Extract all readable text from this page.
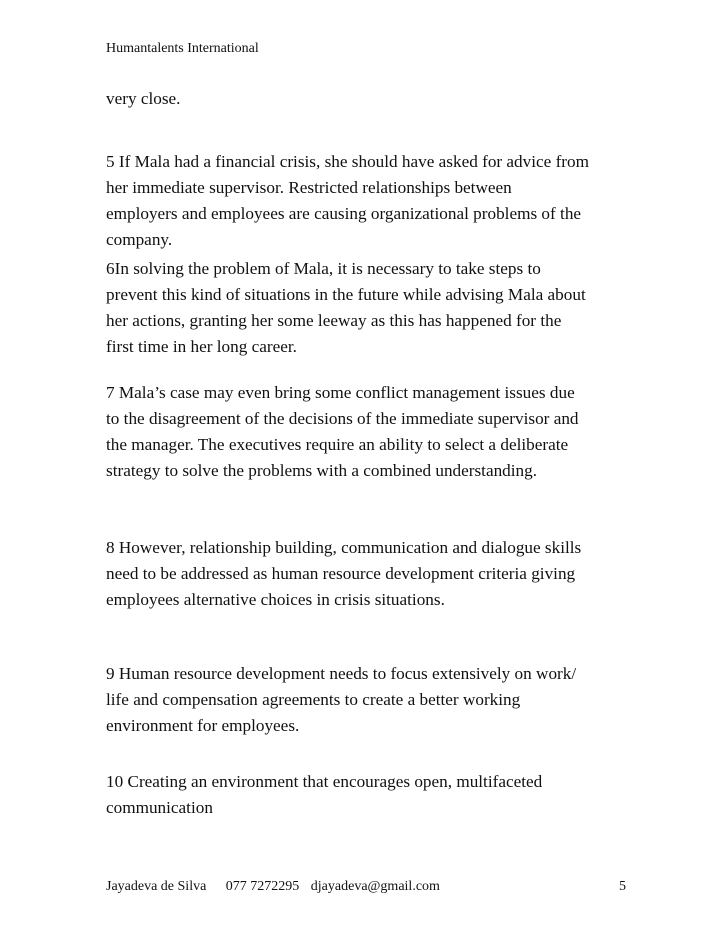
Humantalents International

very close.

5 If Mala had a financial crisis, she should have asked for advice from
her immediate supervisor. Restricted relationships between
employers and employees are causing organizational problems of the
company.

6In solving the problem of Mala, it is necessary to take steps to
prevent this kind of situations in the future while advising Mala about
her actions, granting her some leeway as this has happened for the
first time in her long career.

7 Mala’s case may even bring some conflict management issues due
to the disagreement of the decisions of the immediate supervisor and
the manager. The executives require an ability to select a deliberate
strategy to solve the problems with a combined understanding.

8 However, relationship building, communication and dialogue skills
need to be addressed as human resource development criteria giving
employees alternative choices in crisis situations.

9 Human resource development needs to focus extensively on work/
life and compensation agreements to create a better working
environment for employees.

10 Creating an environment that encourages open, multifaceted
communication

Jayadeva de Silva 077 7272295 djayadeva@gmail.com	5
